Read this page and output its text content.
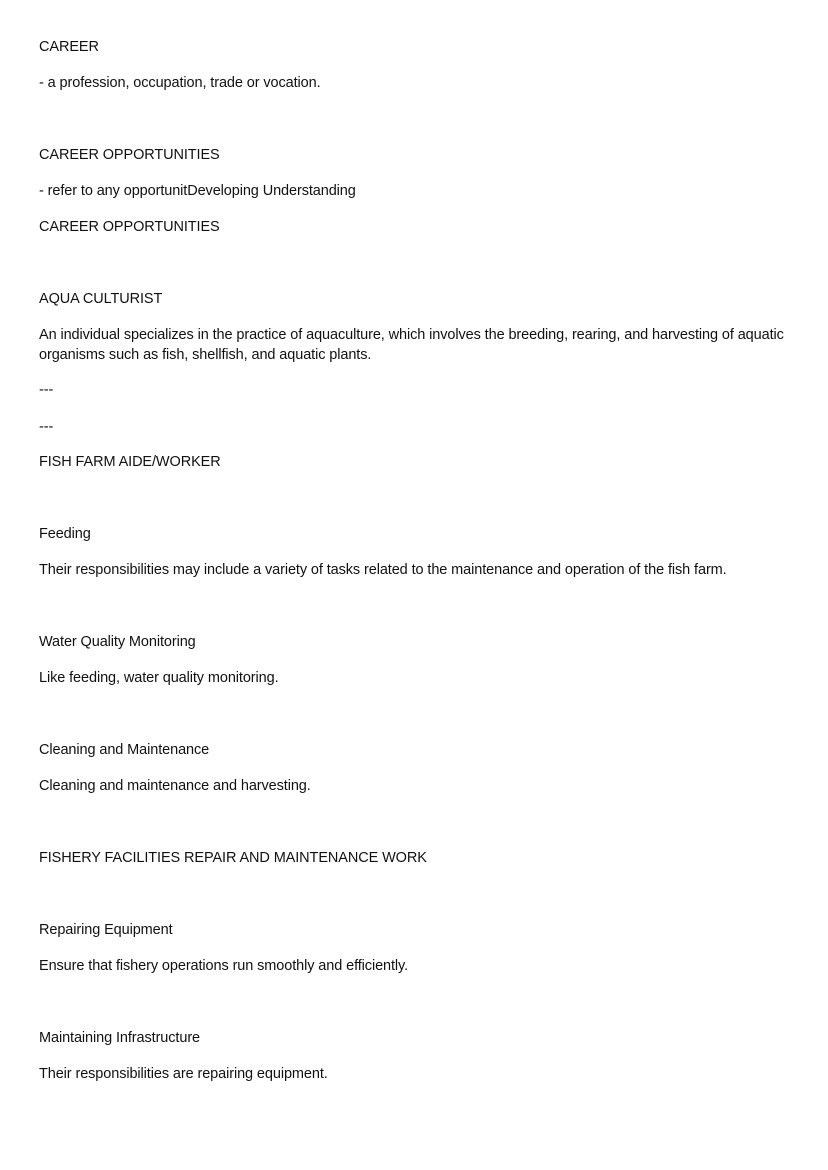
CAREER

- a profession, occupation, trade or vocation.

CAREER OPPORTUNITIES

- refer to any opportunitDeveloping Understanding

CAREER OPPORTUNITIES

AQUA CULTURIST

An individual specializes in the practice of aquaculture, which involves the breeding, rearing, and harvesting of aquatic organisms such as fish, shellfish, and aquatic plants.

---

---

FISH FARM AIDE/WORKER

Feeding

Their responsibilities may include a variety of tasks related to the maintenance and operation of the fish farm.

Water Quality Monitoring

Like feeding, water quality monitoring.

Cleaning and Maintenance

Cleaning and maintenance and harvesting.

FISHERY FACILITIES REPAIR AND MAINTENANCE WORK

Repairing Equipment

Ensure that fishery operations run smoothly and efficiently.

Maintaining Infrastructure

Their responsibilities are repairing equipment.
